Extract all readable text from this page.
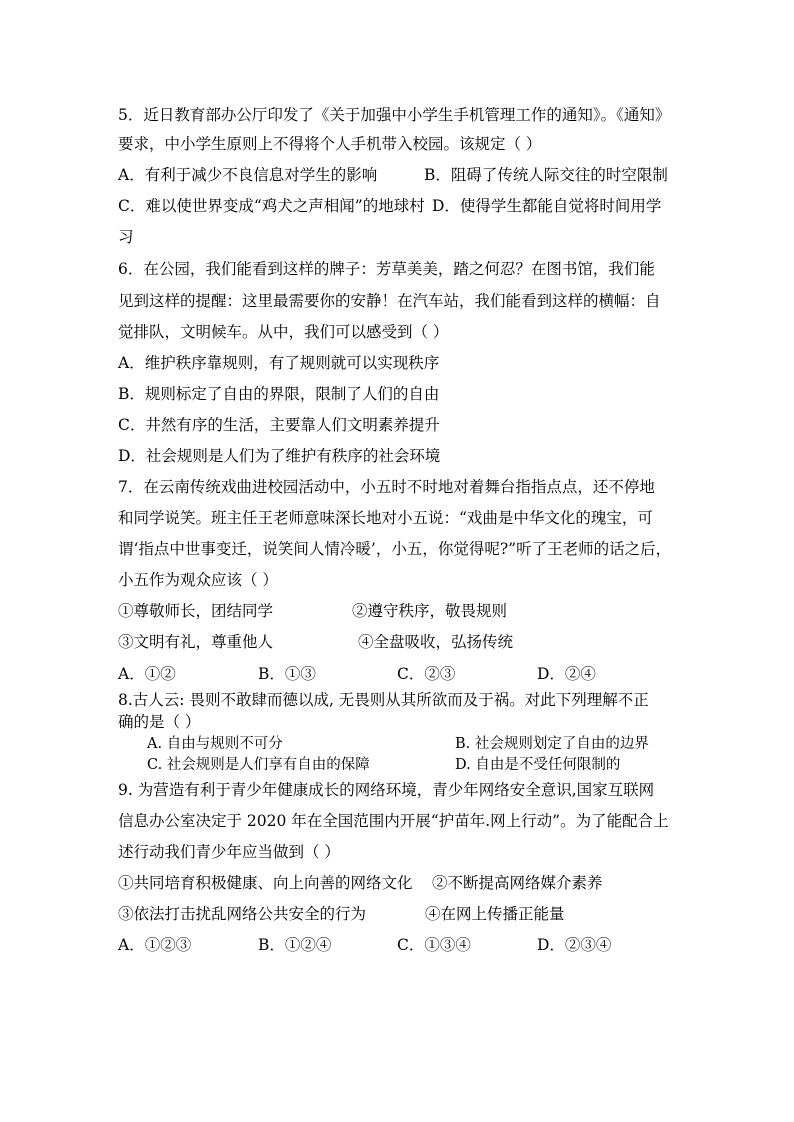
5．近日教育部办公厅印发了《关于加强中小学生手机管理工作的通知》。《通知》
要求，中小学生原则上不得将个人手机带入校园。该规定（ ）
A．有利于减少不良信息对学生的影响	B．阻碍了传统人际交往的时空限制
C．难以使世界变成“鸡犬之声相闻”的地球村 D．使得学生都能自觉将时间用学
习
6．在公园，我们能看到这样的牌子：芳草美美，踏之何忍？在图书馆，我们能
见到这样的提醒：这里最需要你的安静！在汽车站，我们能看到这样的横幅：自
觉排队，文明候车。从中，我们可以感受到（ ）
A．维护秩序靠规则，有了规则就可以实现秩序
B．规则标定了自由的界限，限制了人们的自由
C．井然有序的生活，主要靠人们文明素养提升
D．社会规则是人们为了维护有秩序的社会环境
7．在云南传统戏曲进校园活动中，小五时不时地对着舞台指指点点，还不停地
和同学说笑。班主任王老师意味深长地对小五说：“戏曲是中华文化的瑰宝，可
谓‘指点中世事变迁，说笑间人情冷暖’，小五，你觉得呢?”听了王老师的话之后，
小五作为观众应该（ ）
①尊敬师长，团结同学	②遵守秩序，敬畏规则
③文明有礼，尊重他人	④全盘吸收，弘扬传统
A．①②	B．①③	C．②③	D．②④
8.古人云: 畏则不敢肆而德以成, 无畏则从其所欲而及于祸。对此下列理解不正
确的是（ ）
A. 自由与规则不可分	B. 社会规则划定了自由的边界
C. 社会规则是人们享有自由的保障	D. 自由是不受任何限制的
9. 为营造有利于青少年健康成长的网络环境，青少年网络安全意识,国家互联网
信息办公室决定于 2020 年在全国范围内开展“护苗年.网上行动”。为了能配合上
述行动我们青少年应当做到（ ）
①共同培育积极健康、向上向善的网络文化 ②不断提高网络媒介素养
③依法打击扰乱网络公共安全的行为	④在网上传播正能量
A．①②③	B．①②④	C．①③④	D．②③④
